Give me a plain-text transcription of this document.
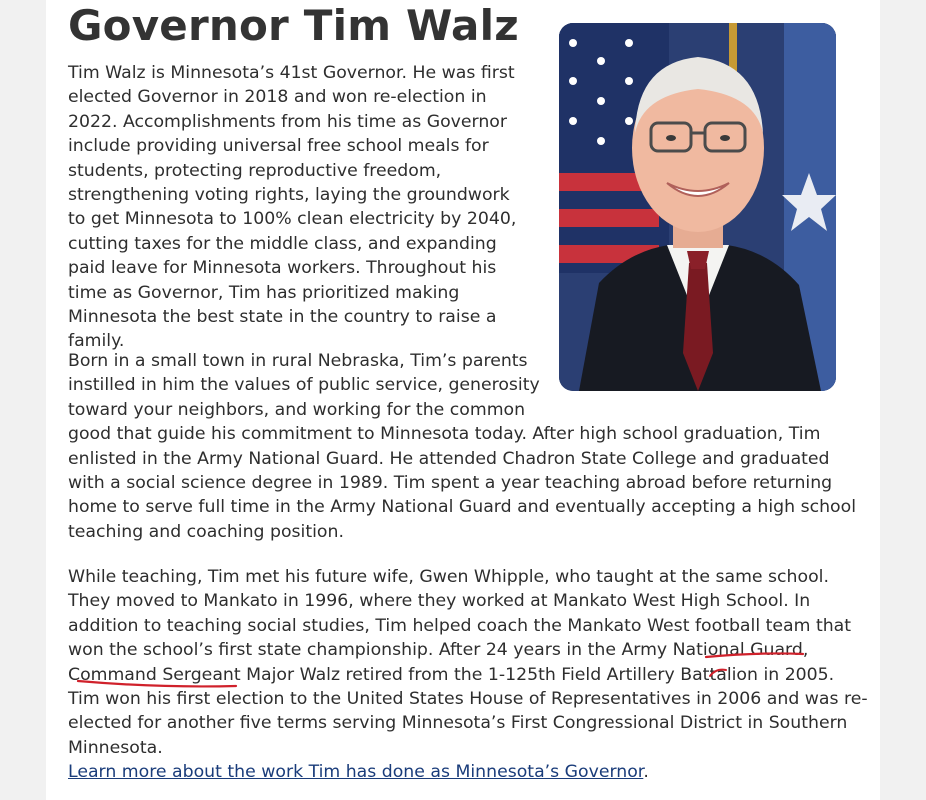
Governor Tim Walz

Tim Walz is Minnesota’s 41st Governor. He was first elected Governor in 2018 and won re-election in 2022. Accomplishments from his time as Governor include providing universal free school meals for students, protecting reproductive freedom, strengthening voting rights, laying the groundwork to get Minnesota to 100% clean electricity by 2040, cutting taxes for the middle class, and expanding paid leave for Minnesota workers. Throughout his time as Governor, Tim has prioritized making Minnesota the best state in the country to raise a family.

Born in a small town in rural Nebraska, Tim’s parents instilled in him the values of public service, generosity toward your neighbors, and working for the common good that guide his commitment to Minnesota today. After high school graduation, Tim enlisted in the Army National Guard. He attended Chadron State College and graduated with a social science degree in 1989. Tim spent a year teaching abroad before returning home to serve full time in the Army National Guard and eventually accepting a high school teaching and coaching position.

While teaching, Tim met his future wife, Gwen Whipple, who taught at the same school. They moved to Mankato in 1996, where they worked at Mankato West High School. In addition to teaching social studies, Tim helped coach the Mankato West football team that won the school’s first state championship. After 24 years in the Army National Guard, Command Sergeant Major Walz retired from the 1-125th Field Artillery Battalion in 2005. Tim won his first election to the United States House of Representatives in 2006 and was re-elected for another five terms serving Minnesota’s First Congressional District in Southern Minnesota.

Learn more about the work Tim has done as Minnesota’s Governor.
